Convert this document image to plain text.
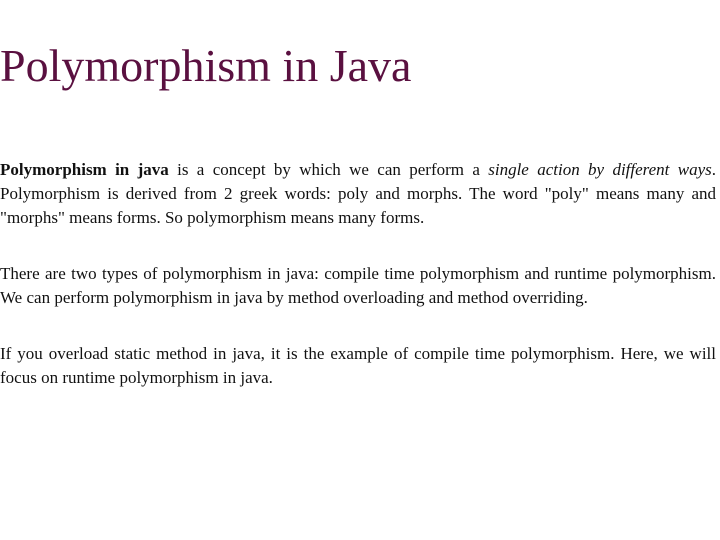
Polymorphism in Java

Polymorphism in java is a concept by which we can perform a single action by different ways. Polymorphism is derived from 2 greek words: poly and morphs. The word "poly" means many and "morphs" means forms. So polymorphism means many forms.

There are two types of polymorphism in java: compile time polymorphism and runtime polymorphism. We can perform polymorphism in java by method overloading and method overriding.

If you overload static method in java, it is the example of compile time polymorphism. Here, we will focus on runtime polymorphism in java.
